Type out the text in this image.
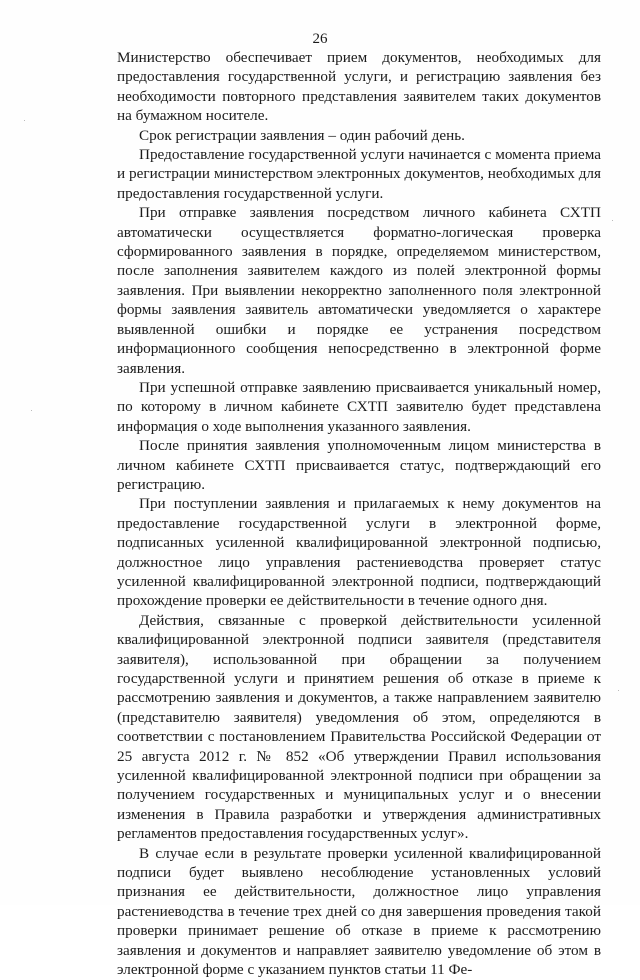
26

Министерство обеспечивает прием документов, необходимых для предоставления государственной услуги, и регистрацию заявления без необходимости повторного представления заявителем таких документов на бумажном носителе.

Срок регистрации заявления – один рабочий день.

Предоставление государственной услуги начинается с момента приема и регистрации министерством электронных документов, необходимых для предоставления государственной услуги.

При отправке заявления посредством личного кабинета СХТП автоматически осуществляется форматно-логическая проверка сформированного заявления в порядке, определяемом министерством, после заполнения заявителем каждого из полей электронной формы заявления. При выявлении некорректно заполненного поля электронной формы заявления заявитель автоматически уведомляется о характере выявленной ошибки и порядке ее устранения посредством информационного сообщения непосредственно в электронной форме заявления.

При успешной отправке заявлению присваивается уникальный номер, по которому в личном кабинете СХТП заявителю будет представлена информация о ходе выполнения указанного заявления.

После принятия заявления уполномоченным лицом министерства в личном кабинете СХТП присваивается статус, подтверждающий его регистрацию.

При поступлении заявления и прилагаемых к нему документов на предоставление государственной услуги в электронной форме, подписанных усиленной квалифицированной электронной подписью, должностное лицо управления растениеводства проверяет статус усиленной квалифицированной электронной подписи, подтверждающий прохождение проверки ее действительности в течение одного дня.

Действия, связанные с проверкой действительности усиленной квалифицированной электронной подписи заявителя (представителя заявителя), использованной при обращении за получением государственной услуги и принятием решения об отказе в приеме к рассмотрению заявления и документов, а также направлением заявителю (представителю заявителя) уведомления об этом, определяются в соответствии с постановлением Правительства Российской Федерации от 25 августа 2012 г. № 852 «Об утверждении Правил использования усиленной квалифицированной электронной подписи при обращении за получением государственных и муниципальных услуг и о внесении изменения в Правила разработки и утверждения административных регламентов предоставления государственных услуг».

В случае если в результате проверки усиленной квалифицированной подписи будет выявлено несоблюдение установленных условий признания ее действительности, должностное лицо управления растениеводства в течение трех дней со дня завершения проведения такой проверки принимает решение об отказе в приеме к рассмотрению заявления и документов и направляет заявителю уведомление об этом в электронной форме с указанием пунктов статьи 11 Фе-
